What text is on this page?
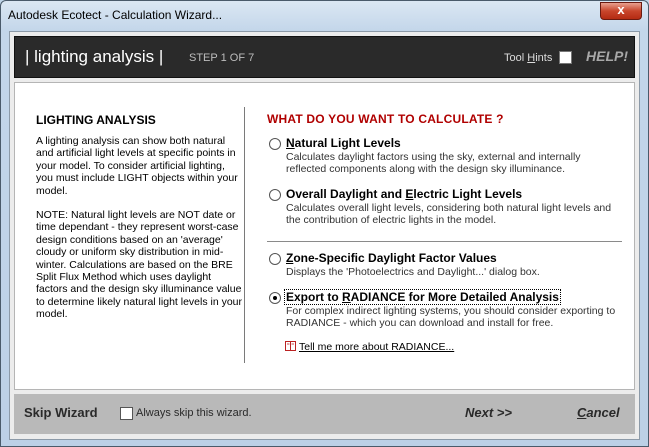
Autodesk Ecotect - Calculation Wizard...	x
| lighting analysis | STEP 1 OF 7	Tool Hints HELP!
LIGHTING ANALYSIS

A lighting analysis can show both natural and artificial light levels at specific points in your model. To consider artificial lighting, you must include LIGHT objects within your model.

NOTE: Natural light levels are NOT date or time dependant - they represent worst-case design conditions based on an 'average' cloudy or uniform sky distribution in mid-winter. Calculations are based on the BRE Split Flux Method which uses daylight factors and the design sky illuminance value to determine likely natural light levels in your model.

WHAT DO YOU WANT TO CALCULATE ?
Natural Light Levels
Calculates daylight factors using the sky, external and internally reflected components along with the design sky illuminance.
Overall Daylight and Electric Light Levels
Calculates overall light levels, considering both natural light levels and the contribution of electric lights in the model.
Zone-Specific Daylight Factor Values
Displays the 'Photoelectrics and Daylight...' dialog box.
Export to RADIANCE for More Detailed Analysis
For complex indirect lighting systems, you should consider exporting to RADIANCE - which you can download and install for free.
Tell me more about RADIANCE...
Skip Wizard	Always skip this wizard.	Next >>	Cancel
